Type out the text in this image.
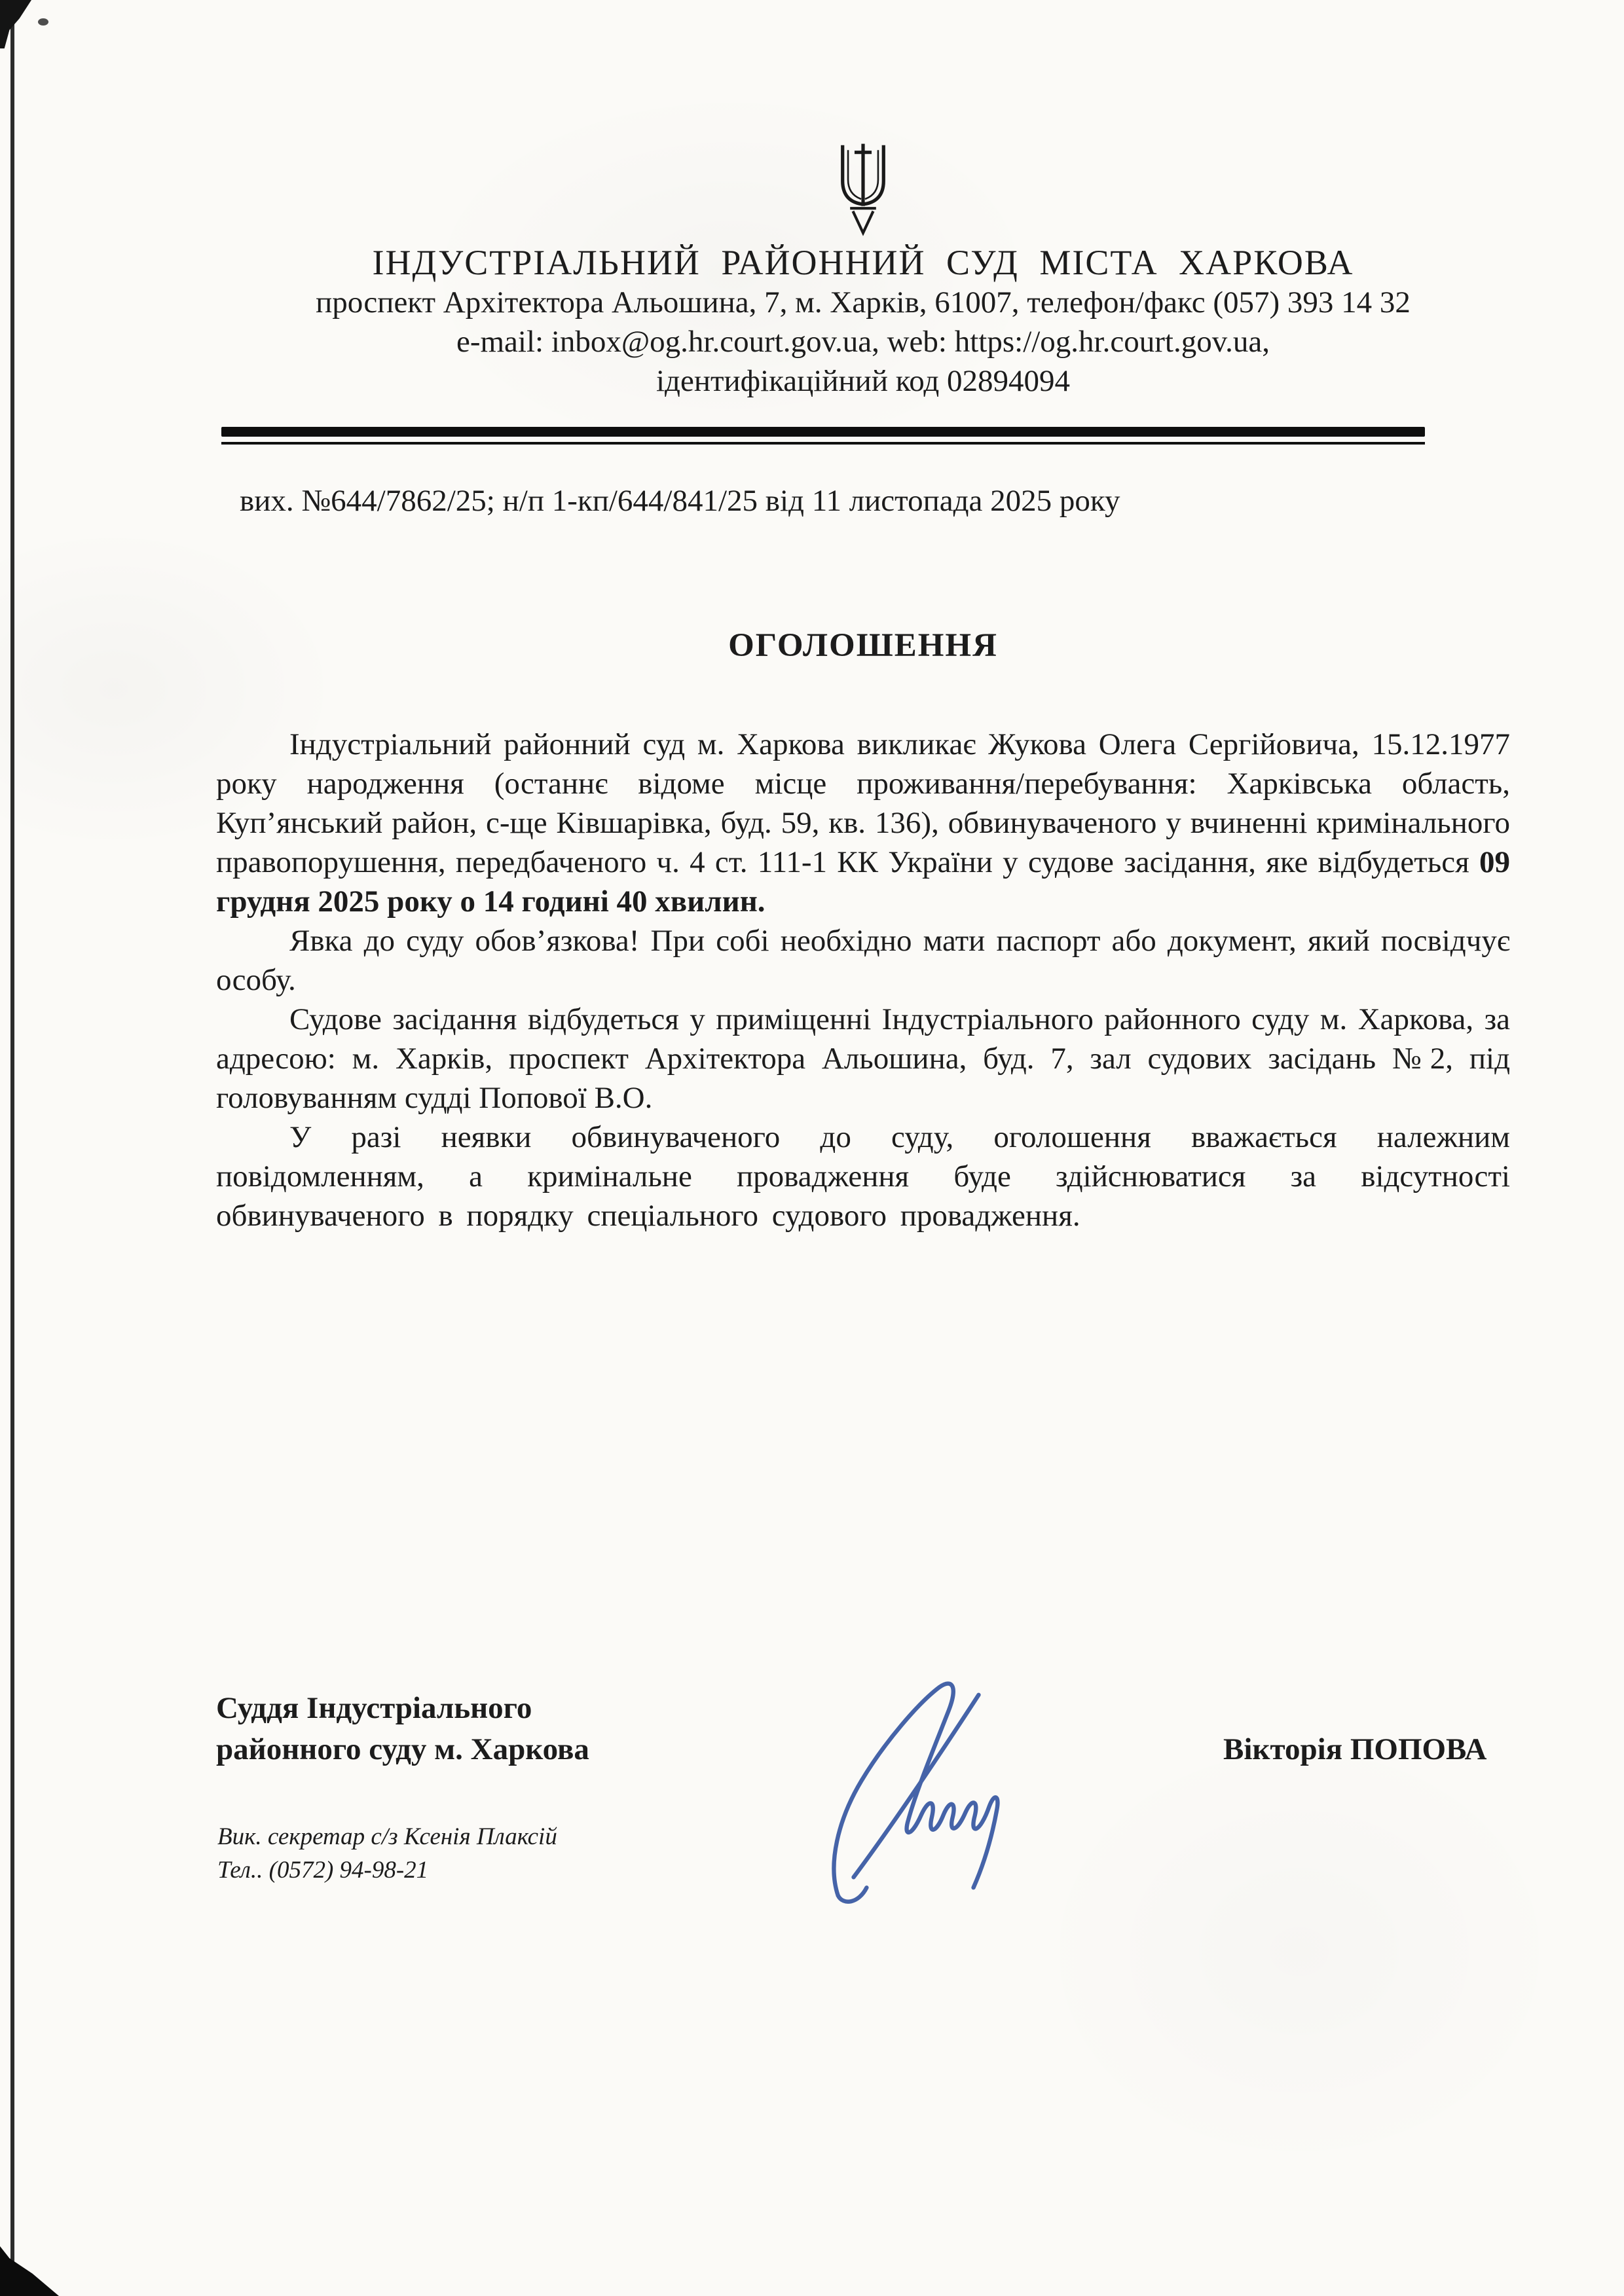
ІНДУСТРІАЛЬНИЙ РАЙОННИЙ СУД МІСТА ХАРКОВА
проспект Архітектора Альошина, 7, м. Харків, 61007, телефон/факс (057) 393 14 32
e-mail: inbox@og.hr.court.gov.ua, web: https://og.hr.court.gov.ua,
ідентифікаційний код 02894094
вих. №644/7862/25; н/п 1-кп/644/841/25 від 11 листопада 2025 року
ОГОЛОШЕННЯ

Індустріальний районний суд м. Харкова викликає Жукова Олега Сергійовича, 15.12.1977 року народження (останнє відоме місце проживання/перебування: Харківська область, Куп’янський район, с-ще Ківшарівка, буд. 59, кв. 136), обвинуваченого у вчиненні кримінального правопорушення, передбаченого ч. 4 ст. 111-1 КК України у судове засідання, яке відбудеться 09 грудня 2025 року о 14 годині 40 хвилин.

Явка до суду обов’язкова! При собі необхідно мати паспорт або документ, який посвідчує особу.

Судове засідання відбудеться у приміщенні Індустріального районного суду м. Харкова, за адресою: м. Харків, проспект Архітектора Альошина, буд. 7, зал судових засідань №2, під головуванням судді Попової В.О.

У разі неявки обвинуваченого до суду, оголошення вважається належним повідомленням, а кримінальне провадження буде здійснюватися за відсутності обвинуваченого в порядку спеціального судового провадження.

Суддя Індустріального
районного суду м. Харкова	Вікторія ПОПОВА
Вик. секретар с/з Ксенія Плаксій
Тел.. (0572) 94-98-21
